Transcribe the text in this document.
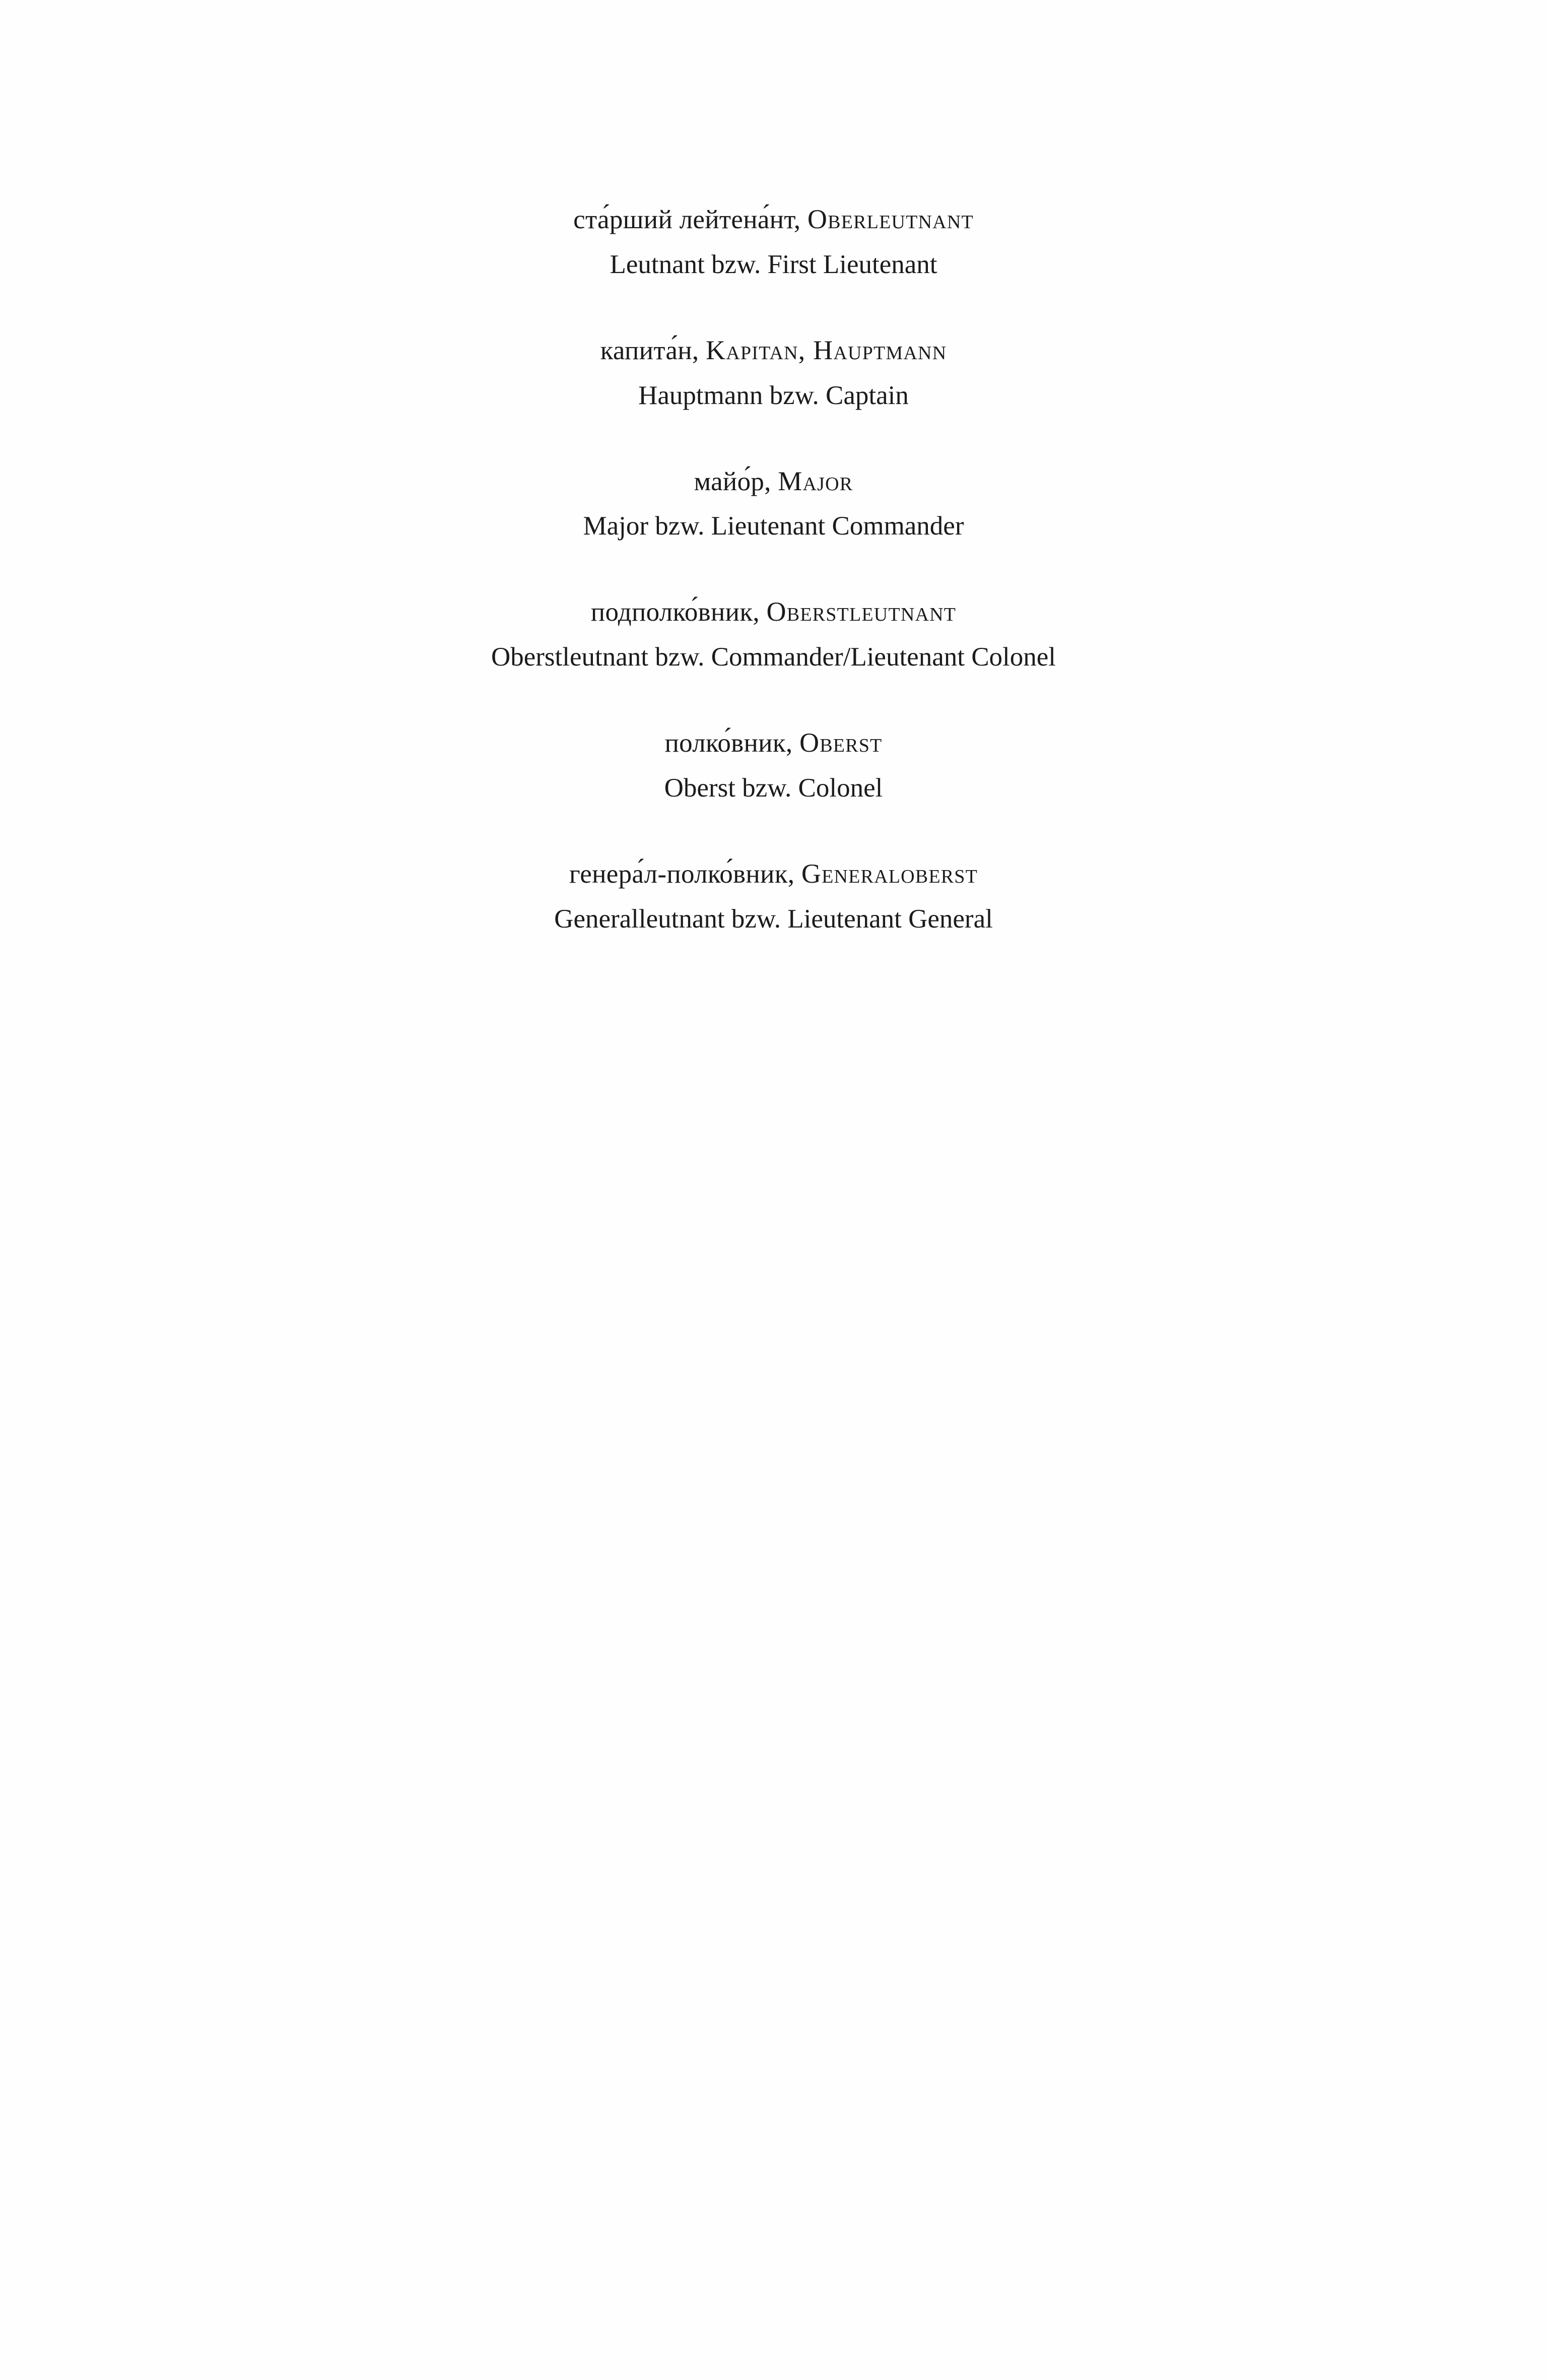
ста́рший лейтена́нт, Oberleutnant
Leutnant bzw. First Lieutenant
капита́н, Kapitan, Hauptmann
Hauptmann bzw. Captain
майо́р, Major
Major bzw. Lieutenant Commander
подполко́вник, Oberstleutnant
Oberstleutnant bzw. Commander/Lieutenant Colonel
полко́вник, Oberst
Oberst bzw. Colonel
генера́л-полко́вник, Generaloberst
Generalleutnant bzw. Lieutenant General
